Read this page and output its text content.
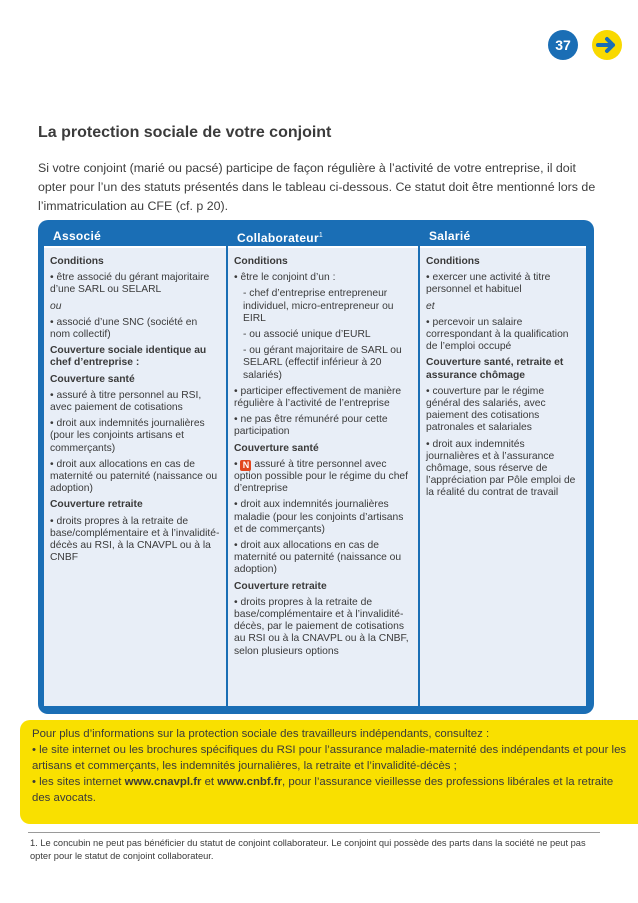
37
La protection sociale de votre conjoint
Si votre conjoint (marié ou pacsé) participe de façon régulière à l’activité de votre entreprise, il doit opter pour l’un des statuts présentés dans le tableau ci-dessous. Ce statut doit être mentionné lors de l’immatriculation au CFE (cf. p 20).
Associé

Conditions

• être associé du gérant majoritaire d’une SARL ou SELARL

ou

• associé d’une SNC (société en nom collectif)

Couverture sociale identique au chef d’entreprise :

Couverture santé

• assuré à titre personnel au RSI, avec paiement de cotisations

• droit aux indemnités journalières (pour les conjoints artisans et commerçants)

• droit aux allocations en cas de maternité ou paternité (naissance ou adoption)

Couverture retraite

• droits propres à la retraite de base/complémentaire et à l’invalidité-décès au RSI, à la CNAVPL ou à la CNBF

Collaborateur$^1$

Conditions

• être le conjoint d’un :

- chef d’entreprise entrepreneur individuel, micro-entrepreneur ou EIRL

- ou associé unique d’EURL

- ou gérant majoritaire de SARL ou SELARL (effectif inférieur à 20 salariés)

• participer effectivement de manière régulière à l’activité de l’entreprise

• ne pas être rémunéré pour cette participation

Couverture santé

• N assuré à titre personnel avec option possible pour le régime du chef d’entreprise

• droit aux indemnités journalières maladie (pour les conjoints d’artisans et de commerçants)

• droit aux allocations en cas de maternité ou paternité (naissance ou adoption)

Couverture retraite

• droits propres à la retraite de base/complémentaire et à l’invalidité-décès, par le paiement de cotisations au RSI ou à la CNAVPL ou à la CNBF, selon plusieurs options

Salarié

Conditions

• exercer une activité à titre personnel et habituel

et

• percevoir un salaire correspondant à la qualification de l’emploi occupé

Couverture santé, retraite et assurance chômage

• couverture par le régime général des salariés, avec paiement des cotisations patronales et salariales

• droit aux indemnités journalières et à l’assurance chômage, sous réserve de l’appréciation par Pôle emploi de la réalité du contrat de travail

Pour plus d’informations sur la protection sociale des travailleurs indépendants, consultez :

• le site internet ou les brochures spécifiques du RSI pour l’assurance maladie-maternité des indépendants et pour les artisans et commerçants, les indemnités journalières, la retraite et l’invalidité-décès ;

• les sites internet www.cnavpl.fr et www.cnbf.fr, pour l’assurance vieillesse des professions libérales et la retraite des avocats.

1. Le concubin ne peut pas bénéficier du statut de conjoint collaborateur. Le conjoint qui possède des parts dans la société ne peut pas opter pour le statut de conjoint collaborateur.
